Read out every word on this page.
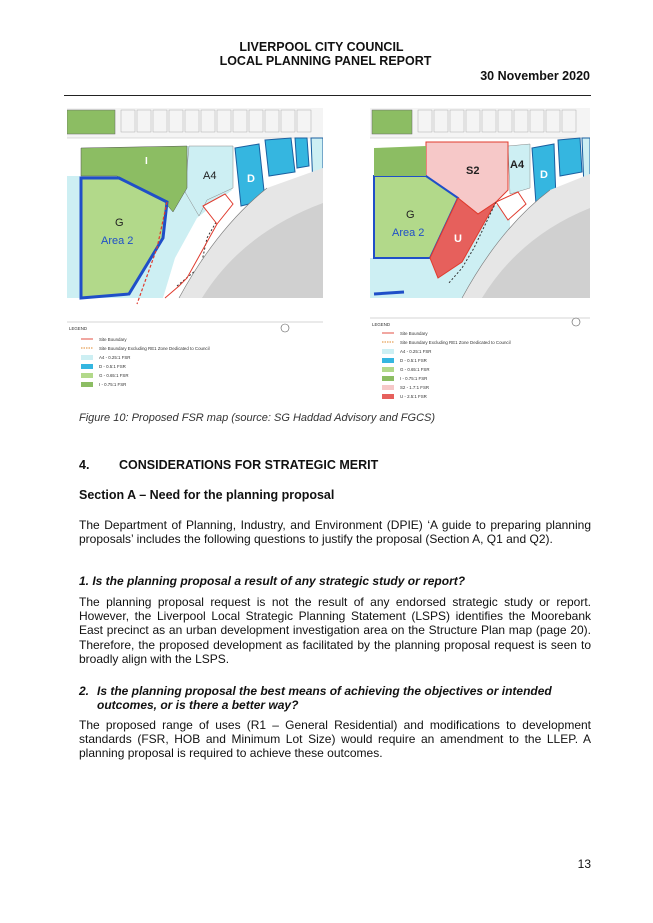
LIVERPOOL CITY COUNCIL
LOCAL PLANNING PANEL REPORT
30 November 2020
I
A4	D
G
Area 2
LEGEND
Site Boundary
Site Boundary Excluding RE1 Zone Dedicated to Council
A4 - 0.25:1 FSR
D - 0.5:1 FSR
G - 0.65:1 FSR
I - 0.75:1 FSR
S2	A4
D
G
Area 2	U
LEGEND
Site Boundary
Site Boundary Excluding RE1 Zone Dedicated to Council
A4 - 0.25:1 FSR
D - 0.5:1 FSR
G - 0.65:1 FSR
I - 0.75:1 FSR
S2 - 1.7:1 FSR
U - 2.5:1 FSR
Figure 10: Proposed FSR map (source: SG Haddad Advisory and FGCS)
4. CONSIDERATIONS FOR STRATEGIC MERIT
Section A – Need for the planning proposal
The Department of Planning, Industry, and Environment (DPIE) ‘A guide to preparing planning proposals’ includes the following questions to justify the proposal (Section A, Q1 and Q2).
1. Is the planning proposal a result of any strategic study or report?
The planning proposal request is not the result of any endorsed strategic study or report. However, the Liverpool Local Strategic Planning Statement (LSPS) identifies the Moorebank East precinct as an urban development investigation area on the Structure Plan map (page 20). Therefore, the proposed development as facilitated by the planning proposal request is seen to broadly align with the LSPS.
2. Is the planning proposal the best means of achieving the objectives or intended
outcomes, or is there a better way?
The proposed range of uses (R1 – General Residential) and modifications to development standards (FSR, HOB and Minimum Lot Size) would require an amendment to the LLEP. A planning proposal is required to achieve these outcomes.
13
